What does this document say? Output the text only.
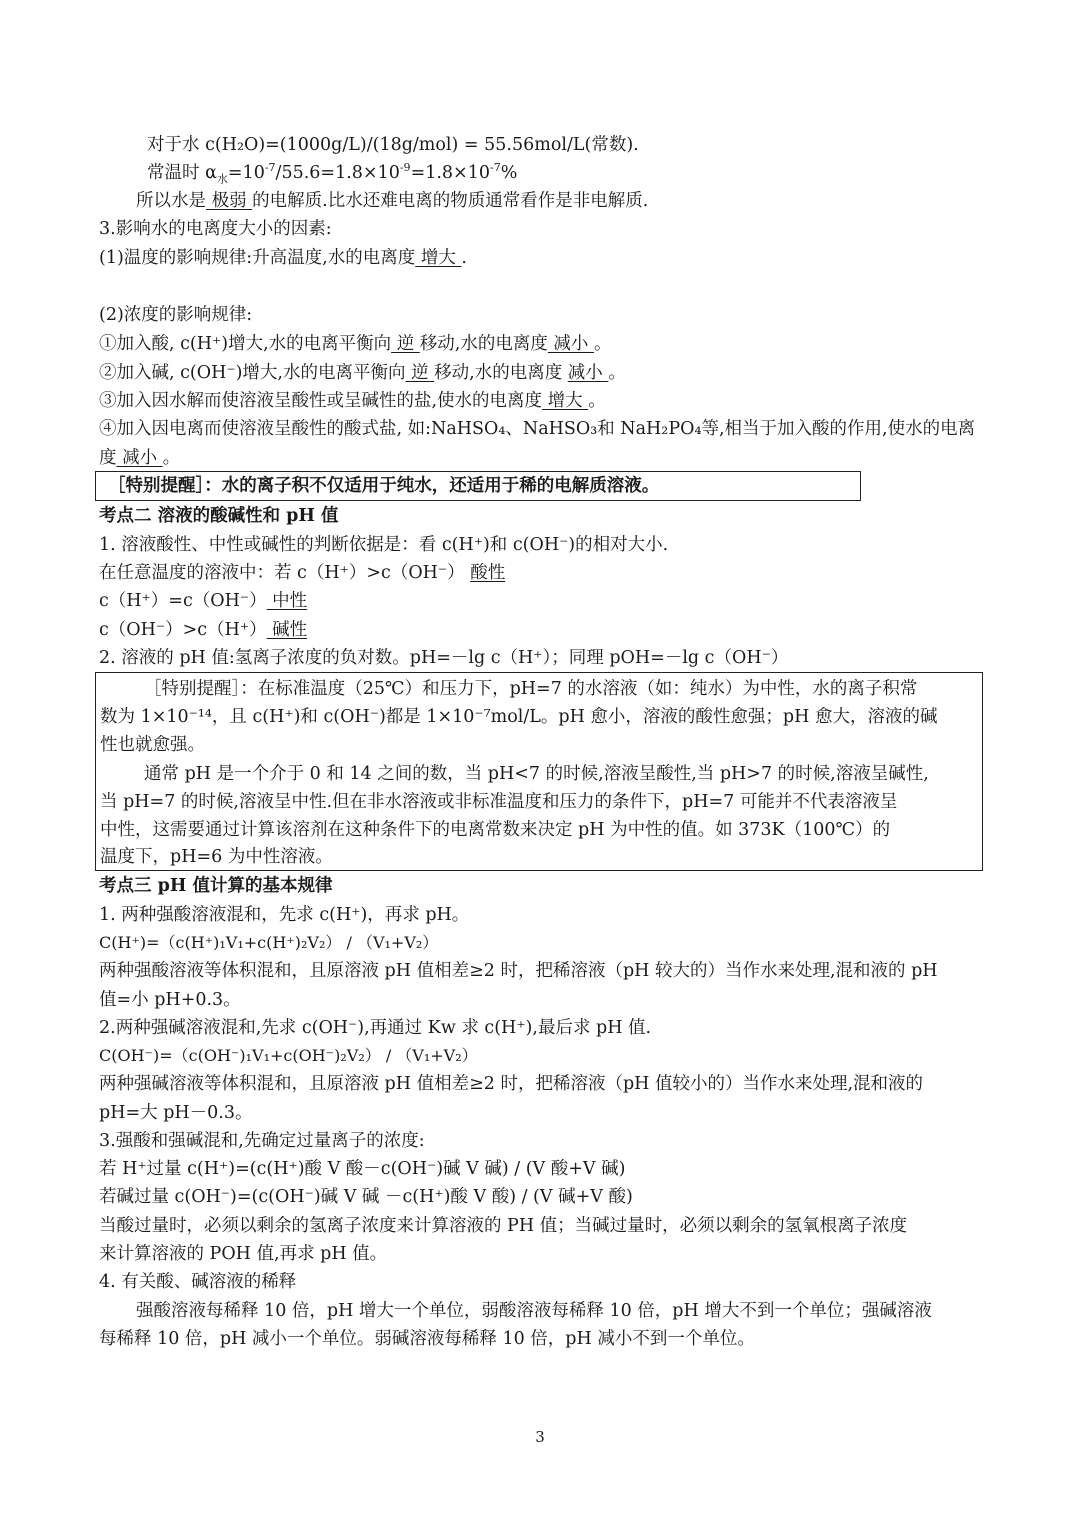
对于水 c(H₂O)=(1000g/L)/(18g/mol) = 55.56mol/L(常数).
常温时 $\alpha_水=10^{-7}/55.6=1.8\times 10^{-9}=1.8\times 10^{-7}\%$
所以水是 极弱 的电解质.比水还难电离的物质通常看作是非电解质.
3.影响水的电离度大小的因素:
(1)温度的影响规律:升高温度,水的电离度 增大 .
(2)浓度的影响规律:
①加入酸, c(H⁺)增大,水的电离平衡向 逆 移动,水的电离度 减小 。
②加入碱, c(OH⁻)增大,水的电离平衡向 逆 移动,水的电离度 减小 。
③加入因水解而使溶液呈酸性或呈碱性的盐,使水的电离度 增大 。
④加入因电离而使溶液呈酸性的酸式盐, 如:NaHSO₄、NaHSO₃和 NaH₂PO₄等,相当于加入酸的作用,使水的电离
度 减小 。
［特别提醒］：水的离子积不仅适用于纯水，还适用于稀的电解质溶液。
考点二 溶液的酸碱性和 pH 值
1. 溶液酸性、中性或碱性的判断依据是：看 c(H⁺)和 c(OH⁻)的相对大小.
在任意温度的溶液中：若 c（H⁺）>c（OH⁻） 酸性
c（H⁺）=c（OH⁻） 中性
c（OH⁻）>c（H⁺） 碱性
2. 溶液的 pH 值:氢离子浓度的负对数。pH=－lg c（H⁺）；同理 pOH=－lg c（OH⁻）
［特别提醒］：在标准温度（25℃）和压力下，pH=7 的水溶液（如：纯水）为中性，水的离子积常
数为 1×10⁻¹⁴，且 c(H⁺)和 c(OH⁻)都是 1×10⁻⁷mol/L。pH 愈小，溶液的酸性愈强；pH 愈大，溶液的碱
性也就愈强。
通常 pH 是一个介于 0 和 14 之间的数，当 pH<7 的时候,溶液呈酸性,当 pH>7 的时候,溶液呈碱性,
当 pH=7 的时候,溶液呈中性.但在非水溶液或非标准温度和压力的条件下，pH=7 可能并不代表溶液呈
中性，这需要通过计算该溶剂在这种条件下的电离常数来决定 pH 为中性的值。如 373K（100℃）的
温度下，pH=6 为中性溶液。
考点三 pH 值计算的基本规律
1. 两种强酸溶液混和，先求 c(H⁺)，再求 pH。
C(H⁺)=（c(H⁺)₁V₁+c(H⁺)₂V₂） / （V₁+V₂）
两种强酸溶液等体积混和，且原溶液 pH 值相差≥2 时，把稀溶液（pH 较大的）当作水来处理,混和液的 pH
值=小 pH+0.3。
2.两种强碱溶液混和,先求 c(OH⁻),再通过 Kw 求 c(H⁺),最后求 pH 值.
C(OH⁻)=（c(OH⁻)₁V₁+c(OH⁻)₂V₂） / （V₁+V₂）
两种强碱溶液等体积混和，且原溶液 pH 值相差≥2 时，把稀溶液（pH 值较小的）当作水来处理,混和液的
pH=大 pH－0.3。
3.强酸和强碱混和,先确定过量离子的浓度:
若 H⁺过量 c(H⁺)=(c(H⁺)酸 V 酸－c(OH⁻)碱 V 碱) / (V 酸+V 碱)
若碱过量 c(OH⁻)=(c(OH⁻)碱 V 碱 －c(H⁺)酸 V 酸) / (V 碱+V 酸)
当酸过量时，必须以剩余的氢离子浓度来计算溶液的 PH 值；当碱过量时，必须以剩余的氢氧根离子浓度
来计算溶液的 POH 值,再求 pH 值。
4. 有关酸、碱溶液的稀释
强酸溶液每稀释 10 倍，pH 增大一个单位，弱酸溶液每稀释 10 倍，pH 增大不到一个单位；强碱溶液
每稀释 10 倍，pH 减小一个单位。弱碱溶液每稀释 10 倍，pH 减小不到一个单位。
3
